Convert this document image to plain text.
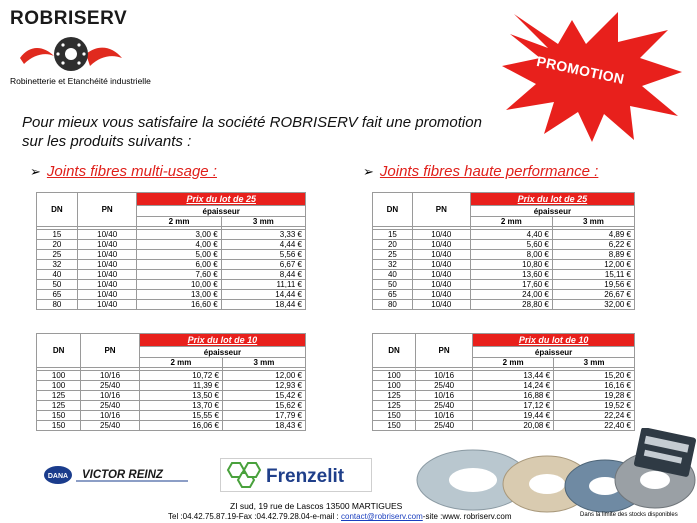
ROBRISERV
Robinetterie et Etanchéité industrielle	PROMOTION
Pour mieux vous satisfaire la société ROBRISERV fait une promotion
sur les produits suivants :
➢ Joints fibres multi-usage :	➢ Joints fibres haute performance :
DN	PN	Prix du lot de 25	
		épaisseur	
		2 mm	3 mm

15	10/40	3,00 €	3,33 €
20	10/40	4,00 €	4,44 €
25	10/40	5,00 €	5,56 €
32	10/40	6,00 €	6,67 €
40	10/40	7,60 €	8,44 €
50	10/40	10,00 €	11,11 €
65	10/40	13,00 €	14,44 €
80	10/40	16,60 €	18,44 €
DN	PN	Prix du lot de 10	
		épaisseur	
		2 mm	3 mm

100	10/16	10,72 €	12,00 €
100	25/40	11,39 €	12,93 €
125	10/16	13,50 €	15,42 €
125	25/40	13,70 €	15,62 €
150	10/16	15,55 €	17,79 €
150	25/40	16,06 €	18,43 €
DN	PN	Prix du lot de 25	
		épaisseur	
		2 mm	3 mm

15	10/40	4,40 €	4,89 €
20	10/40	5,60 €	6,22 €
25	10/40	8,00 €	8,89 €
32	10/40	10,80 €	12,00 €
40	10/40	13,60 €	15,11 €
50	10/40	17,60 €	19,56 €
65	10/40	24,00 €	26,67 €
80	10/40	28,80 €	32,00 €
DN	PN	Prix du lot de 10	
		épaisseur	
		2 mm	3 mm

100	10/16	13,44 €	15,20 €
100	25/40	14,24 €	16,16 €
125	10/16	16,88 €	19,28 €
125	25/40	17,12 €	19,52 €
150	10/16	19,44 €	22,24 €
150	25/40	20,08 €	22,40 €
DANA VICTOR REINZ	Frenzelit
ZI sud, 19 rue de Lascos 13500 MARTIGUES
Tel :04.42.75.87.19-Fax :04.42.79.28.04-e-mail : contact@robriserv.com-site :www. robriserv.com	Dans la limite des stocks disponibles
